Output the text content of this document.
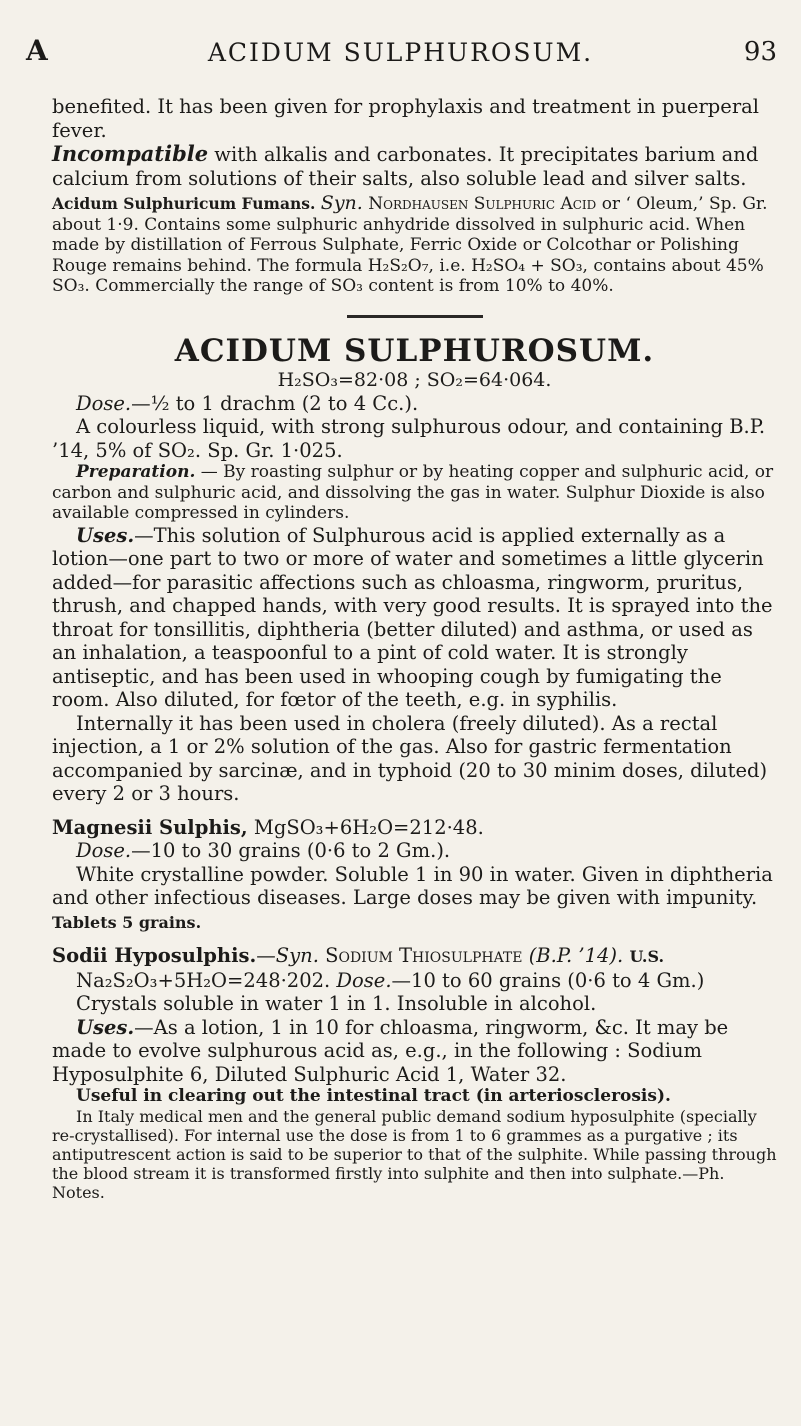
A	ACIDUM SULPHUROSUM.	93

benefited. It has been given for prophylaxis and treatment in puerperal fever.

Incompatible with alkalis and carbonates. It precipitates barium and calcium from solutions of their salts, also soluble lead and silver salts.

Acidum Sulphuricum Fumans. Syn. Nordhausen Sulphuric Acid or ‘ Oleum,’ Sp. Gr. about 1·9. Contains some sulphuric anhydride dissolved in sulphuric acid. When made by distillation of Ferrous Sulphate, Ferric Oxide or Colcothar or Polishing Rouge remains behind. The formula H₂S₂O₇, i.e. H₂SO₄ + SO₃, contains about 45% SO₃. Commercially the range of SO₃ content is from 10% to 40%.

ACIDUM SULPHUROSUM.
H₂SO₃=82·08 ; SO₂=64·064.

Dose.—½ to 1 drachm (2 to 4 Cc.).

A colourless liquid, with strong sulphurous odour, and containing B.P. ’14, 5% of SO₂. Sp. Gr. 1·025.

Preparation. — By roasting sulphur or by heating copper and sulphuric acid, or carbon and sulphuric acid, and dissolving the gas in water. Sulphur Dioxide is also available compressed in cylinders.

Uses.—This solution of Sulphurous acid is applied externally as a lotion—one part to two or more of water and sometimes a little glycerin added—for parasitic affections such as chloasma, ringworm, pruritus, thrush, and chapped hands, with very good results. It is sprayed into the throat for tonsillitis, diphtheria (better diluted) and asthma, or used as an inhalation, a teaspoonful to a pint of cold water. It is strongly antiseptic, and has been used in whooping cough by fumigating the room. Also diluted, for fœtor of the teeth, e.g. in syphilis.

Internally it has been used in cholera (freely diluted). As a rectal injection, a 1 or 2% solution of the gas. Also for gastric fermentation accompanied by sarcinæ, and in typhoid (20 to 30 minim doses, diluted) every 2 or 3 hours.

Magnesii Sulphis, MgSO₃+6H₂O=212·48.

Dose.—10 to 30 grains (0·6 to 2 Gm.).

White crystalline powder. Soluble 1 in 90 in water. Given in diphtheria and other infectious diseases. Large doses may be given with impunity. Tablets 5 grains.

Sodii Hyposulphis.—Syn. Sodium Thiosulphate (B.P. ’14). U.S.

Na₂S₂O₃+5H₂O=248·202. Dose.—10 to 60 grains (0·6 to 4 Gm.)

Crystals soluble in water 1 in 1. Insoluble in alcohol.

Uses.—As a lotion, 1 in 10 for chloasma, ringworm, &c. It may be made to evolve sulphurous acid as, e.g., in the following : Sodium Hyposulphite 6, Diluted Sulphuric Acid 1, Water 32.

Useful in clearing out the intestinal tract (in arteriosclerosis).

In Italy medical men and the general public demand sodium hyposulphite (specially re-crystallised). For internal use the dose is from 1 to 6 grammes as a purgative ; its antiputrescent action is said to be superior to that of the sulphite. While passing through the blood stream it is transformed firstly into sulphite and then into sulphate.—Ph. Notes.
